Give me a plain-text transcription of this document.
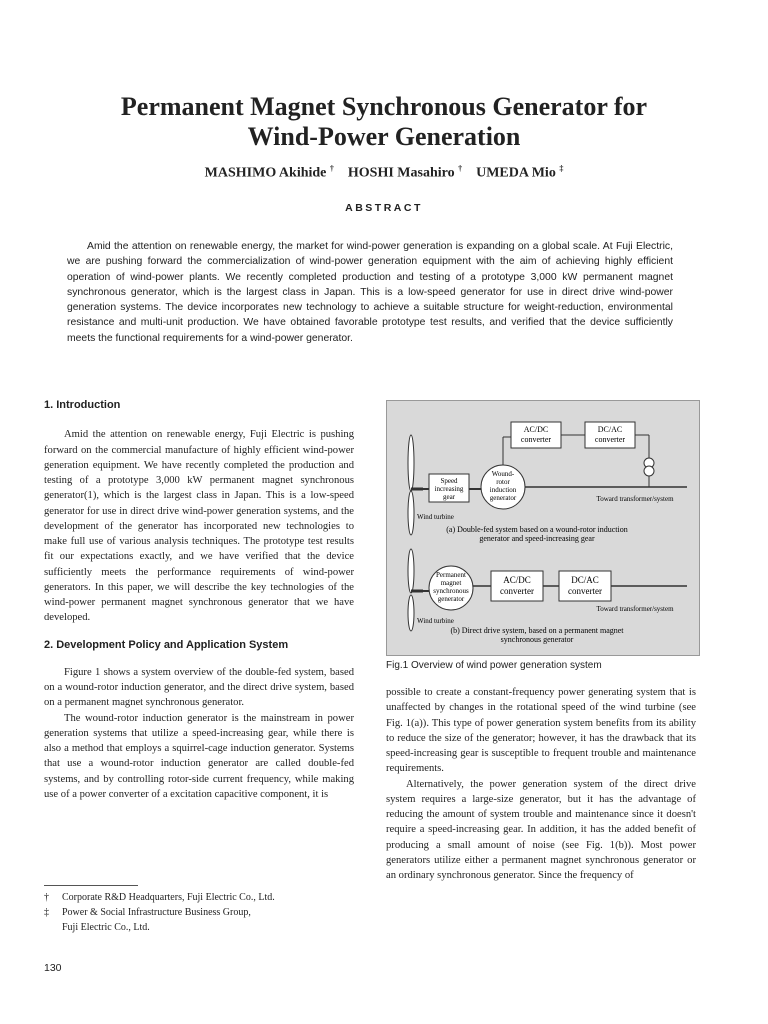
Permanent Magnet Synchronous Generator for
Wind-Power Generation
MASHIMO Akihide † HOSHI Masahiro † UMEDA Mio ‡
ABSTRACT

Amid the attention on renewable energy, the market for wind-power generation is expanding on a global scale. At Fuji Electric, we are pushing forward the commercialization of wind-power generation equipment with the aim of achieving highly efficient operation of wind-power plants. We recently completed production and testing of a prototype 3,000 kW permanent magnet synchronous generator, which is the largest class in Japan. This is a low-speed generator for use in direct drive wind-power generation systems. The device incorporates new technology to achieve a suitable structure for weight-reduction, environmental resistance and multi-unit production. We have obtained favorable prototype test results, and verified that the device sufficiently meets the functional requirements for a wind-power generator.

1. Introduction

Amid the attention on renewable energy, Fuji Electric is pushing forward on the commercial manufacture of highly efficient wind-power generation equipment. We have recently completed the production and testing of a prototype 3,000 kW permanent magnet synchronous generator(1), which is the largest class in Japan. This is a low-speed generator for use in direct drive wind-power generation systems, and the development of the generator has incorporated new technologies to make full use of various analysis techniques. The prototype test results fit our expectations exactly, and we have verified that the device sufficiently meets the performance requirements of wind-power generators. In this paper, we will describe the key technologies of the wind-power permanent magnet synchronous generator that we have developed.

2. Development Policy and Application System

Figure 1 shows a system overview of the double-fed system, based on a wound-rotor induction generator, and the direct drive system, based on a permanent magnet synchronous generator.

The wound-rotor induction generator is the mainstream in power generation systems that utilize a speed-increasing gear, while there is also a method that employs a squirrel-cage induction generator. Systems that use a wound-rotor induction generator are called double-fed systems, and by controlling rotor-side current frequency, while making use of a power converter of a excitation capacitive component, it is

Speed
increasing
gear
Wound-
rotor
induction
generator
AC/DC
converter
DC/AC
converter
Toward transformer/system
Wind turbine
(a) Double-fed system based on a wound-rotor induction
generator and speed-increasing gear
Permanent
magnet
synchronous
generator
AC/DC
converter
DC/AC
converter
Toward transformer/system
Wind turbine
(b) Direct drive system, based on a permanent magnet
synchronous generator
Fig.1 Overview of wind power generation system

possible to create a constant-frequency power generating system that is unaffected by changes in the rotational speed of the wind turbine (see Fig. 1(a)). This type of power generation system benefits from its ability to reduce the size of the generator; however, it has the drawback that its speed-increasing gear is susceptible to frequent trouble and maintenance requirements.

Alternatively, the power generation system of the direct drive system requires a large-size generator, but it has the advantage of reducing the amount of system trouble and maintenance since it doesn't require a speed-increasing gear. In addition, it has the added benefit of producing a small amount of noise (see Fig. 1(b)). Most power generators utilize either a permanent magnet synchronous generator or an ordinary synchronous generator. Since the frequency of

†	Corporate R&D Headquarters, Fuji Electric Co., Ltd.
‡	Power & Social Infrastructure Business Group,
Fuji Electric Co., Ltd.
130
